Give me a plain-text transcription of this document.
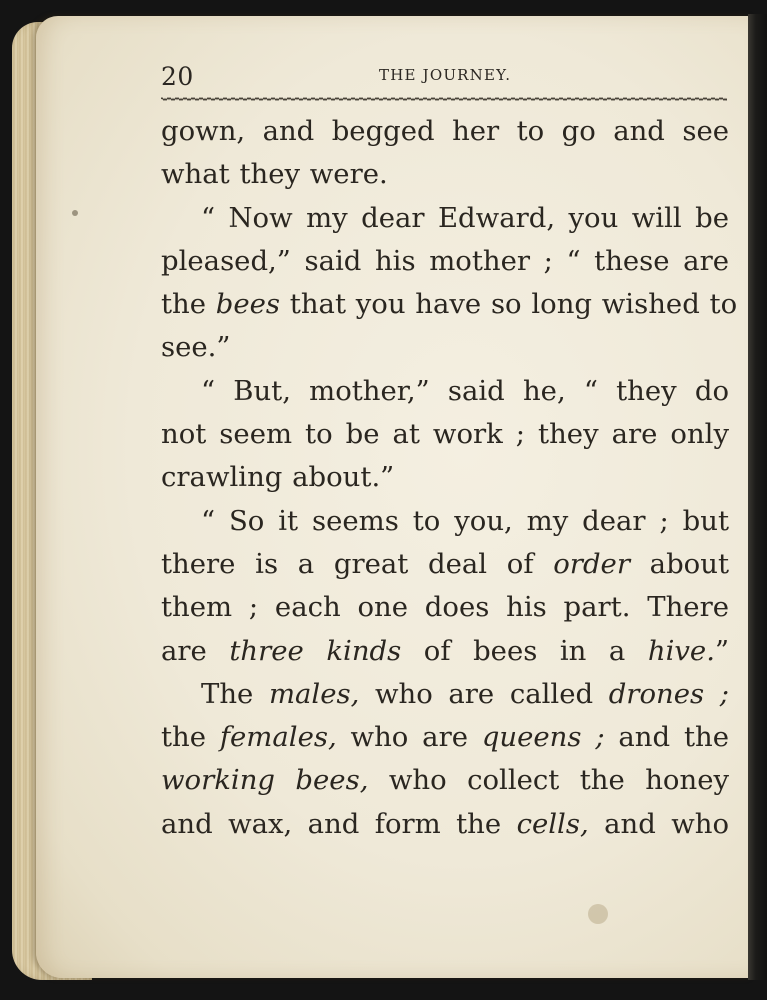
20	THE JOURNEY.
gown, and begged her to go and see
what they were.
“ Now my dear Edward, you will be
pleased,” said his mother ; “ these are
the bees that you have so long wished to
see.”
“ But, mother,” said he, “ they do
not seem to be at work ; they are only
crawling about.”
“ So it seems to you, my dear ; but
there is a great deal of order about
them ; each one does his part. There
are three kinds of bees in a hive.”
The males, who are called drones ;
the females, who are queens ; and the
working bees, who collect the honey
and wax, and form the cells, and who
